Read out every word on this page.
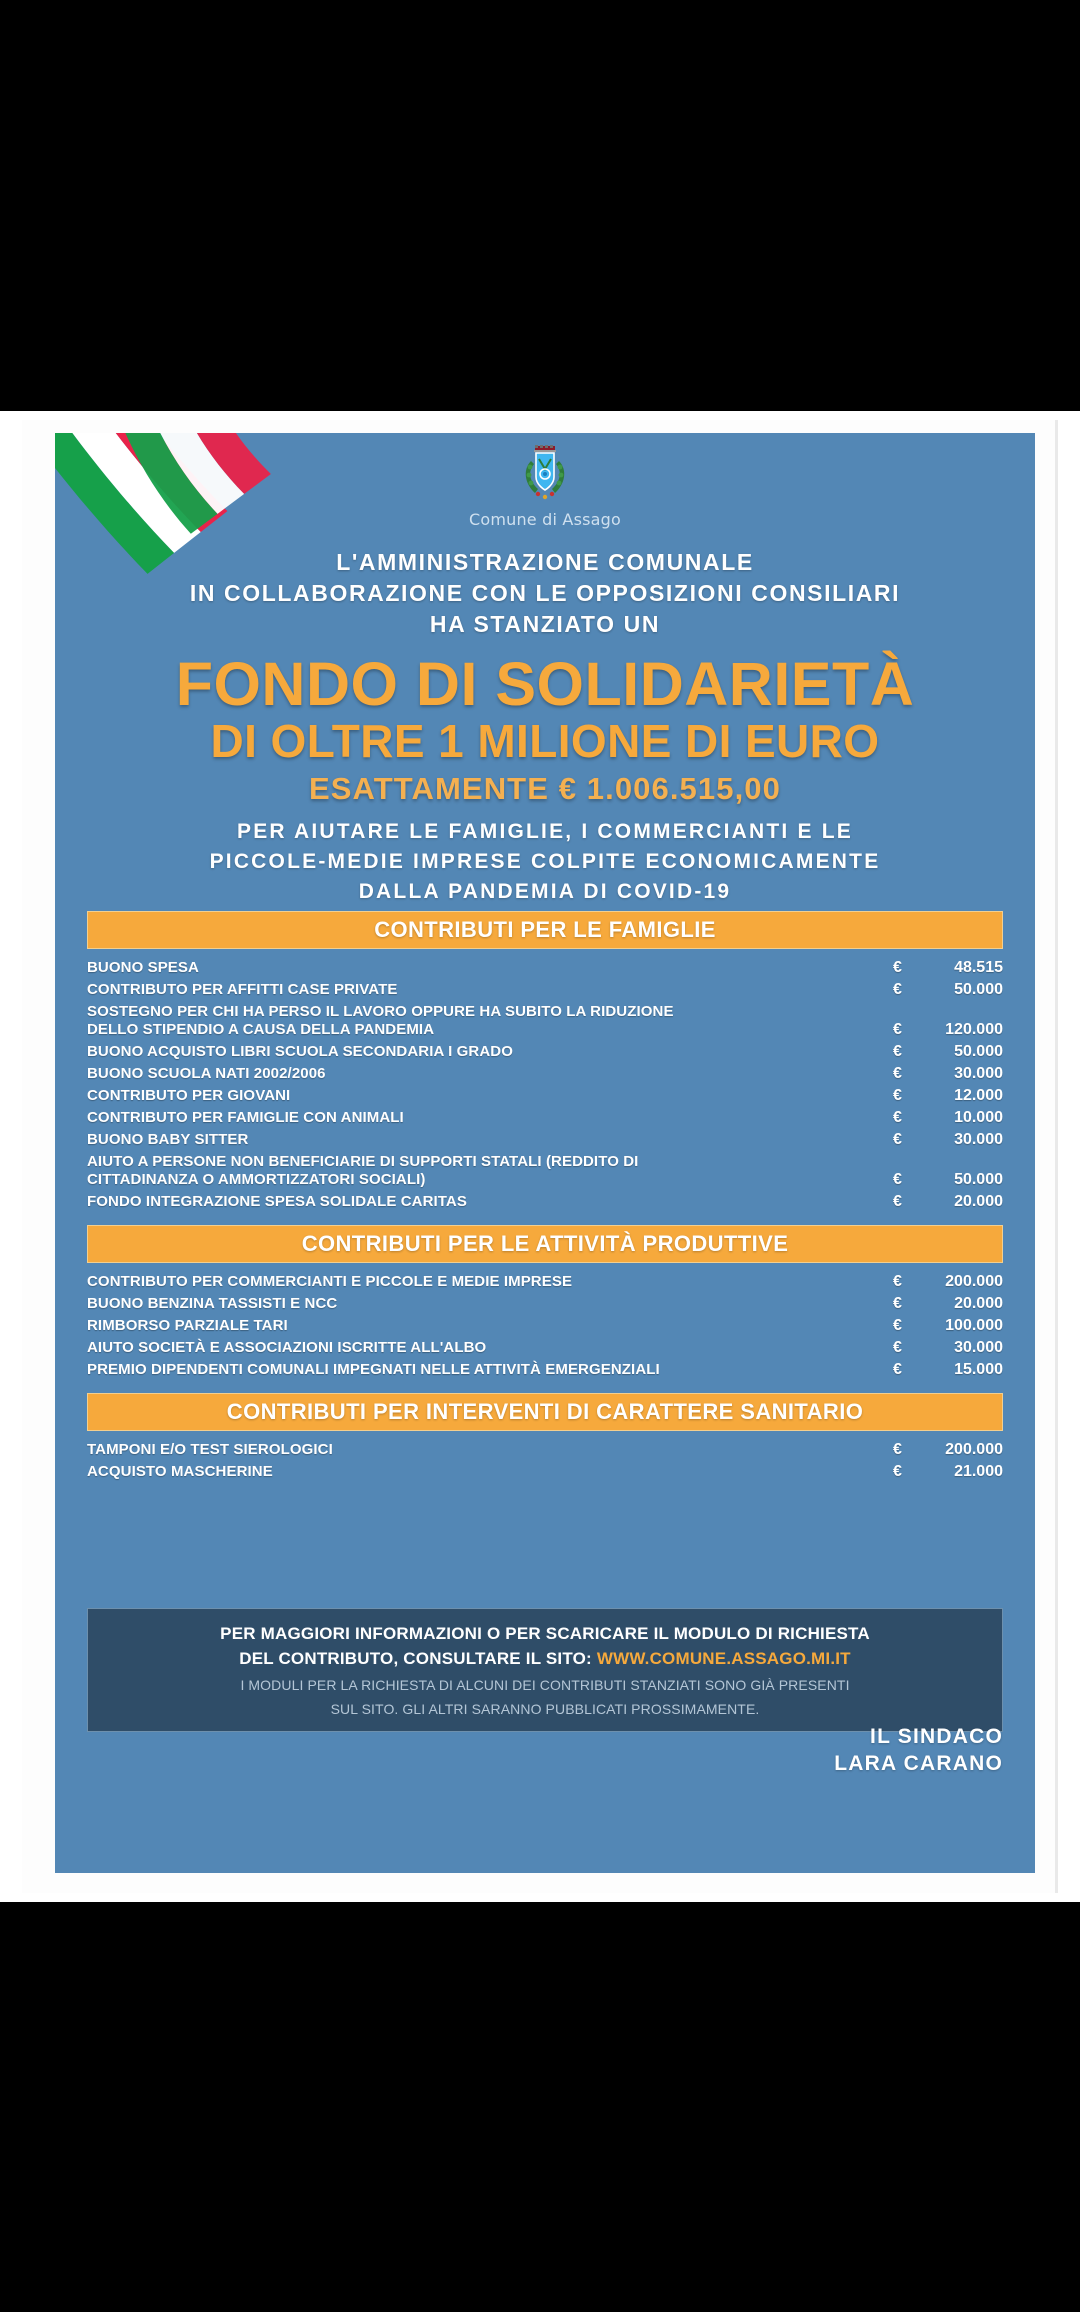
Comune di Assago
L'AMMINISTRAZIONE COMUNALE
IN COLLABORAZIONE CON LE OPPOSIZIONI CONSILIARI
HA STANZIATO UN
FONDO DI SOLIDARIETÀ
DI OLTRE 1 MILIONE DI EURO
ESATTAMENTE € 1.006.515,00
PER AIUTARE LE FAMIGLIE, I COMMERCIANTI E LE
PICCOLE-MEDIE IMPRESE COLPITE ECONOMICAMENTE
DALLA PANDEMIA DI COVID-19
CONTRIBUTI PER LE FAMIGLIE
BUONO SPESA	€	48.515
CONTRIBUTO PER AFFITTI CASE PRIVATE	€	50.000
SOSTEGNO PER CHI HA PERSO IL LAVORO OPPURE HA SUBITO LA RIDUZIONE DELLO STIPENDIO A CAUSA DELLA PANDEMIA	€	120.000
BUONO ACQUISTO LIBRI SCUOLA SECONDARIA I GRADO	€	50.000
BUONO SCUOLA NATI 2002/2006	€	30.000
CONTRIBUTO PER GIOVANI	€	12.000
CONTRIBUTO PER FAMIGLIE CON ANIMALI	€	10.000
BUONO BABY SITTER	€	30.000
AIUTO A PERSONE NON BENEFICIARIE DI SUPPORTI STATALI (REDDITO DI CITTADINANZA O AMMORTIZZATORI SOCIALI)	€	50.000
FONDO INTEGRAZIONE SPESA SOLIDALE CARITAS	€	20.000
CONTRIBUTI PER LE ATTIVITÀ PRODUTTIVE
CONTRIBUTO PER COMMERCIANTI E PICCOLE E MEDIE IMPRESE	€	200.000
BUONO BENZINA TASSISTI E NCC	€	20.000
RIMBORSO PARZIALE TARI	€	100.000
AIUTO SOCIETÀ E ASSOCIAZIONI ISCRITTE ALL'ALBO	€	30.000
PREMIO DIPENDENTI COMUNALI IMPEGNATI NELLE ATTIVITÀ EMERGENZIALI	€	15.000
CONTRIBUTI PER INTERVENTI DI CARATTERE SANITARIO
TAMPONI E/O TEST SIEROLOGICI	€	200.000
ACQUISTO MASCHERINE	€	21.000
PER MAGGIORI INFORMAZIONI O PER SCARICARE IL MODULO DI RICHIESTA
DEL CONTRIBUTO, CONSULTARE IL SITO: WWW.COMUNE.ASSAGO.MI.IT
I MODULI PER LA RICHIESTA DI ALCUNI DEI CONTRIBUTI STANZIATI SONO GIÀ PRESENTI
SUL SITO. GLI ALTRI SARANNO PUBBLICATI PROSSIMAMENTE.
IL SINDACO
LARA CARANO
